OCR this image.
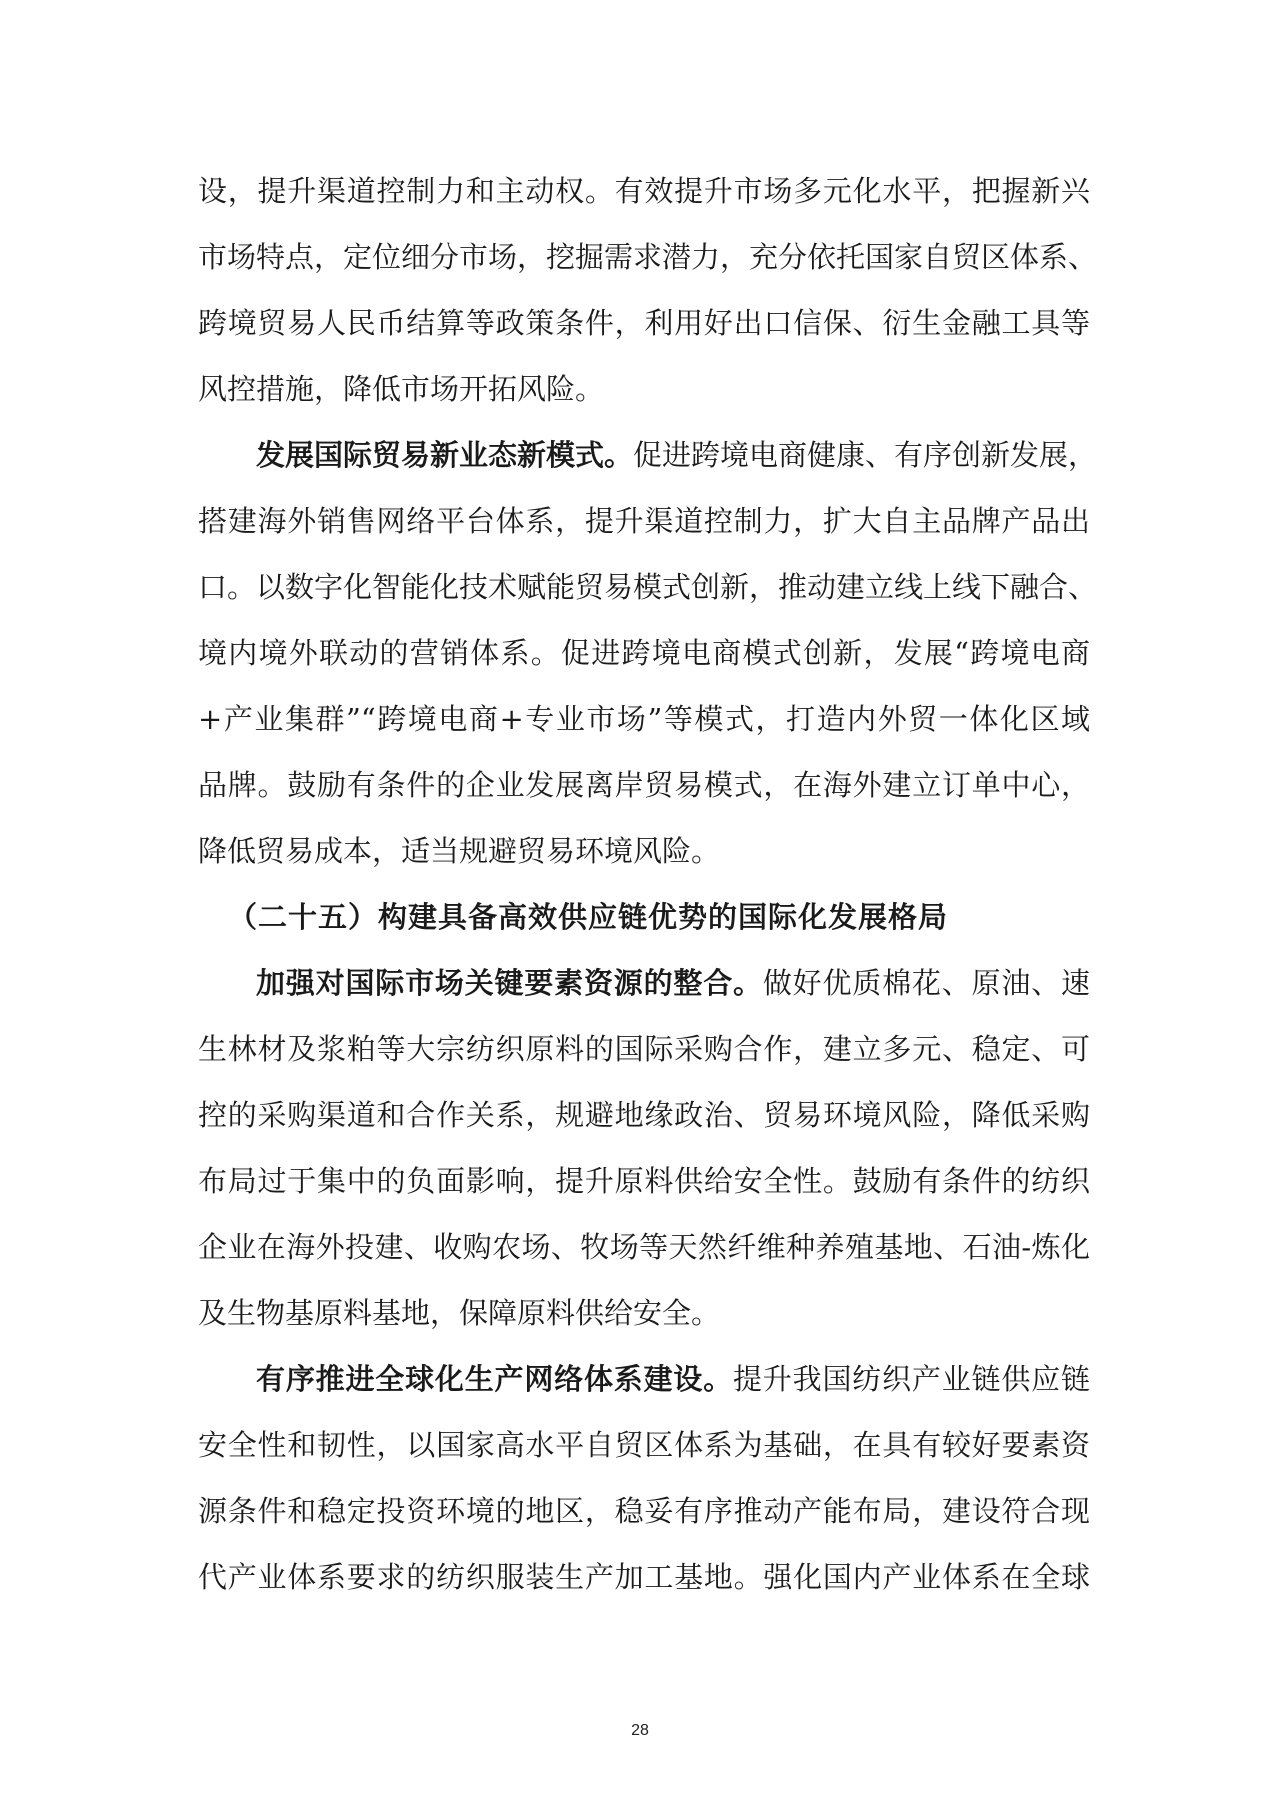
设，提升渠道控制力和主动权。有效提升市场多元化水平，把握新兴
市场特点，定位细分市场，挖掘需求潜力，充分依托国家自贸区体系、
跨境贸易人民币结算等政策条件，利用好出口信保、衍生金融工具等
风控措施，降低市场开拓风险。
发展国际贸易新业态新模式。促进跨境电商健康、有序创新发展，
搭建海外销售网络平台体系，提升渠道控制力，扩大自主品牌产品出
口。以数字化智能化技术赋能贸易模式创新，推动建立线上线下融合、
境内境外联动的营销体系。促进跨境电商模式创新，发展“跨境电商
+产业集群”“跨境电商+专业市场”等模式，打造内外贸一体化区域
品牌。鼓励有条件的企业发展离岸贸易模式，在海外建立订单中心，
降低贸易成本，适当规避贸易环境风险。
（二十五）构建具备高效供应链优势的国际化发展格局
加强对国际市场关键要素资源的整合。做好优质棉花、原油、速
生林材及浆粕等大宗纺织原料的国际采购合作，建立多元、稳定、可
控的采购渠道和合作关系，规避地缘政治、贸易环境风险，降低采购
布局过于集中的负面影响，提升原料供给安全性。鼓励有条件的纺织
企业在海外投建、收购农场、牧场等天然纤维种养殖基地、石油-炼化
及生物基原料基地，保障原料供给安全。
有序推进全球化生产网络体系建设。提升我国纺织产业链供应链
安全性和韧性，以国家高水平自贸区体系为基础，在具有较好要素资
源条件和稳定投资环境的地区，稳妥有序推动产能布局，建设符合现
代产业体系要求的纺织服装生产加工基地。强化国内产业体系在全球
28
